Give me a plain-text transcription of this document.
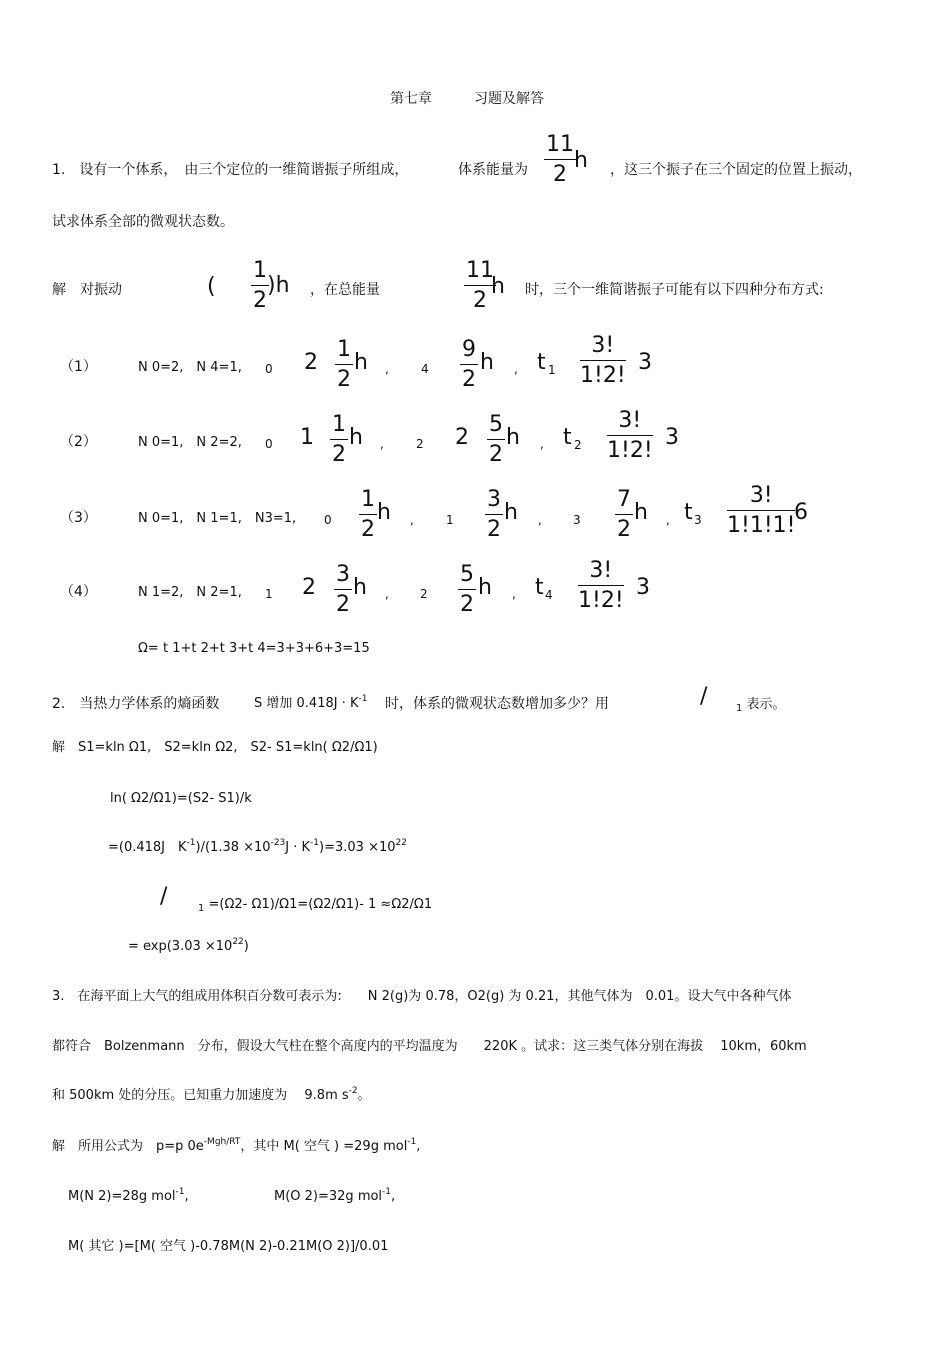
第七章　　　习题及解答
1.　设有一个体系，　由三个定位的一维简谐振子所组成，	体系能量为
11
2
h ，这三个振子在三个固定的位置上振动，
试求体系全部的微观状态数。
解　对振动	(
1
2
)h ，在总能量
11
2
h 时，三个一维简谐振子可能有以下四种分布方式:
（1）	N 0=2,　N 4=1, 0 2
1
2
h ,	4
9
2
h , t 1
3!
1!2!
3
（2）	N 0=1,　N 2=2, 0 1
1
2
h ,	2 2
5
2
h , t 2
3!
1!2!
3
（3）	N 0=1,　N 1=1,　N3=1, 0
1
2
h ,	1
3
2
h ,	3
7
2
h , t 3
3!
1!1!1!
6
（4）	N 1=2,　N 2=1, 1 2
3
2
h ,	2
5
2
h , t 4
3!
1!2!
3
Ω= t 1+t 2+t 3+t 4=3+3+6+3=15
2.　当热力学体系的熵函数	S 增加 $0.418J \cdot K^{-1}$ 时，体系的微观状态数增加多少？用	/	$_1$ 表示。
解　S1=kln Ω1,　S2=kln Ω2,　S2- S1=kln( Ω2/Ω1)
ln( Ω2/Ω1)=(S2- S1)/k
=(0.418J　$K^{-1})/(1.38 \times 10^{-23}J \cdot K^{-1})=3.03 \times 10^{22}$
/	$_1$ =(Ω2- Ω1)/Ω1=(Ω2/Ω1)- 1 ≈Ω2/Ω1
= $\exp(3.03 \times 10^{22})$
3.　在海平面上大气的组成用体积百分数可表示为:　　N 2(g)为 0.78，O2(g) 为 0.21，其他气体为　0.01。设大气中各种气体
都符合　Bolzenmann　分布，假设大气柱在整个高度内的平均温度为　　220K 。试求：这三类气体分别在海拔　 10km，60km
和 500km 处的分压。已知重力加速度为　 9.8m $s^{-2}$。
解　所用公式为　p=p $0e^{-Mgh/RT}$，其中 M( 空气 ) =29g mol$^{-1}$,
M(N 2)=28g mol$^{-1}$,	M(O 2)=32g mol$^{-1}$,
M( 其它 )=[M( 空气 )-0.78M(N 2)-0.21M(O 2)]/0.01
